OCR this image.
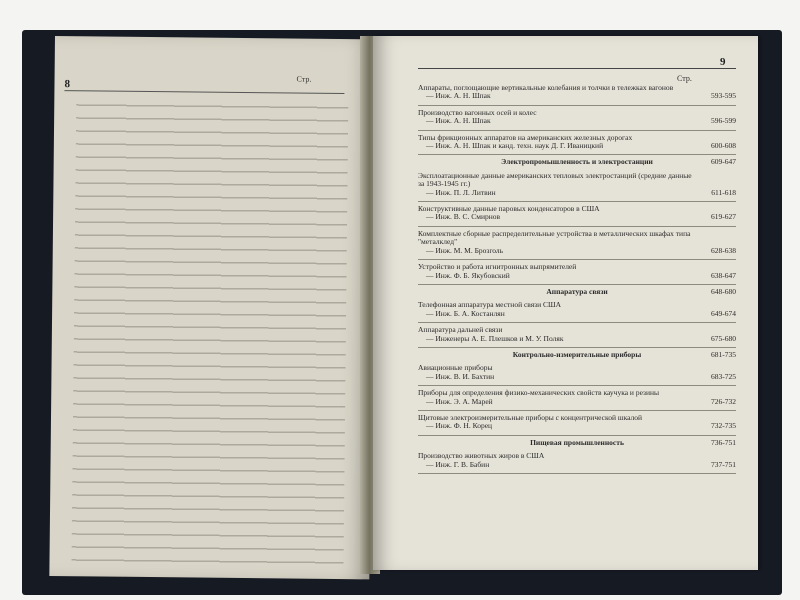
8	Стр.
9
Стр.
Аппараты, поглощающие вертикальные колебания и толчки в тележках вагонов
— Инж. А. Н. Шпак	593-595
Производство вагонных осей и колес
— Инж. А. Н. Шпак	596-599
Типы фрикционных аппаратов на американских железных дорогах
— Инж. А. Н. Шпак и канд. техн. наук Д. Г. Иваницкий	600-608
Электропромышленность и электростанции	609-647
Эксплоатационные данные американских тепловых электростанций (средние данные за 1943-1945 гг.)
— Инж. П. Л. Литвин	611-618
Конструктивные данные паровых конденсаторов в США
— Инж. В. С. Смирнов	619-627
Комплектные сборные распределительные устройства в металлических шкафах типа "металклед"
— Инж. М. М. Брозголь	628-638
Устройство и работа игнитронных выпрямителей
— Инж. Ф. Б. Якубовский	638-647
Аппаратура связи	648-680
Телефонная аппаратура местной связи США
— Инж. Б. А. Костанлян	649-674
Аппаратура дальней связи
— Инженеры А. Е. Плешков и М. У. Поляк	675-680
Контрольно-измерительные приборы	681-735
Авиационные приборы
— Инж. В. И. Бахтин	683-725
Приборы для определения физико-механических свойств каучука и резины
— Инж. Э. А. Марей	726-732
Щитовые электроизмерительные приборы с концентрической шкалой
— Инж. Ф. Н. Корец	732-735
Пищевая промышленность	736-751
Производство животных жиров в США
— Инж. Г. В. Бабин	737-751
